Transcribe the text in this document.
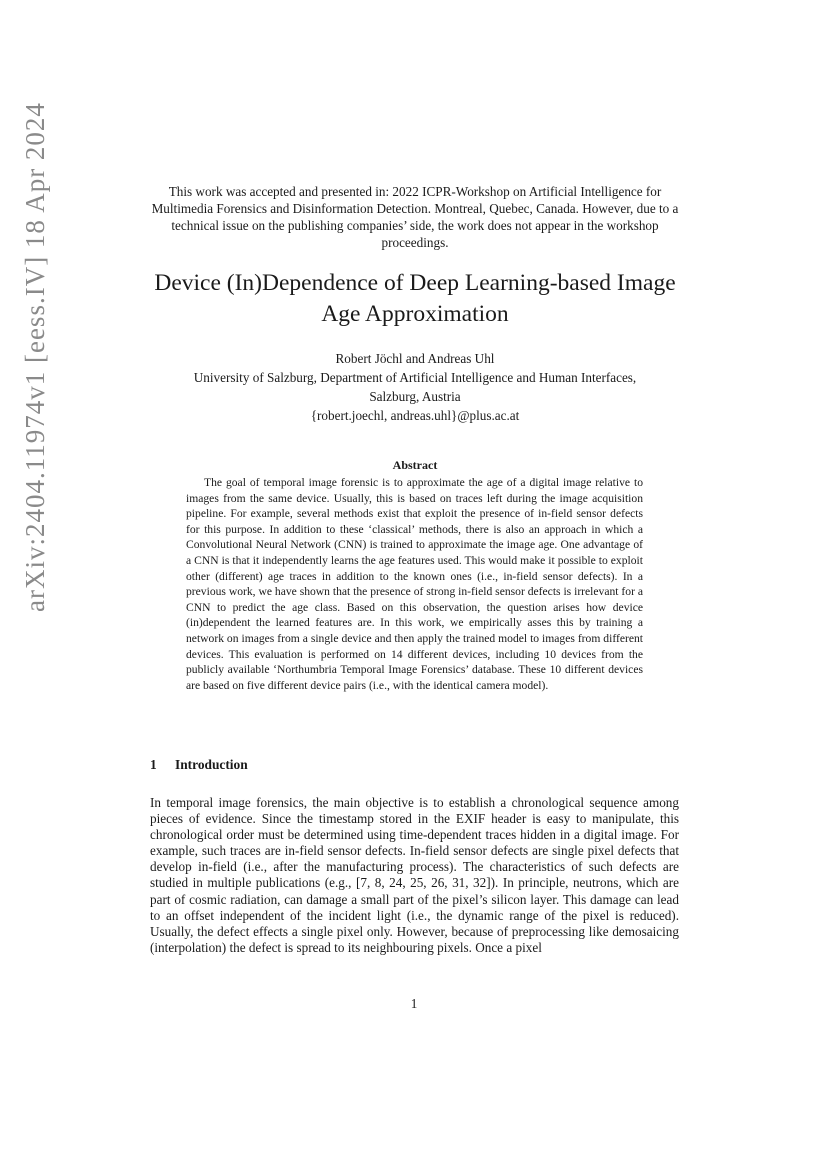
arXiv:2404.11974v1 [eess.IV] 18 Apr 2024	This work was accepted and presented in: 2022 ICPR-Workshop on Artificial Intelligence for Multimedia Forensics and Disinformation Detection. Montreal, Quebec, Canada. However, due to a technical issue on the publishing companies’ side, the work does not appear in the workshop proceedings.
Device (In)Dependence of Deep Learning-based Image Age Approximation
Robert Jöchl and Andreas Uhl
University of Salzburg, Department of Artificial Intelligence and Human Interfaces,
Salzburg, Austria
{robert.joechl, andreas.uhl}@plus.ac.at
Abstract
The goal of temporal image forensic is to approximate the age of a digital image relative to images from the same device. Usually, this is based on traces left during the image acquisition pipeline. For example, several methods exist that exploit the presence of in-field sensor defects for this purpose. In addition to these ‘classical’ methods, there is also an approach in which a Convolutional Neural Network (CNN) is trained to approximate the image age. One advantage of a CNN is that it independently learns the age features used. This would make it possible to exploit other (different) age traces in addition to the known ones (i.e., in-field sensor defects). In a previous work, we have shown that the presence of strong in-field sensor defects is irrelevant for a CNN to predict the age class. Based on this observation, the question arises how device (in)dependent the learned features are. In this work, we empirically asses this by training a network on images from a single device and then apply the trained model to images from different devices. This evaluation is performed on 14 different devices, including 10 devices from the publicly available ‘Northumbria Temporal Image Forensics’ database. These 10 different devices are based on five different device pairs (i.e., with the identical camera model).
1 Introduction
In temporal image forensics, the main objective is to establish a chronological sequence among pieces of evidence. Since the timestamp stored in the EXIF header is easy to manipulate, this chronological order must be determined using time-dependent traces hidden in a digital image. For example, such traces are in-field sensor defects. In-field sensor defects are single pixel defects that develop in-field (i.e., after the manufacturing process). The characteristics of such defects are studied in multiple publications (e.g., [7, 8, 24, 25, 26, 31, 32]). In principle, neutrons, which are part of cosmic radiation, can damage a small part of the pixel’s silicon layer. This damage can lead to an offset independent of the incident light (i.e., the dynamic range of the pixel is reduced). Usually, the defect effects a single pixel only. However, because of preprocessing like demosaicing (interpolation) the defect is spread to its neighbouring pixels. Once a pixel
1
